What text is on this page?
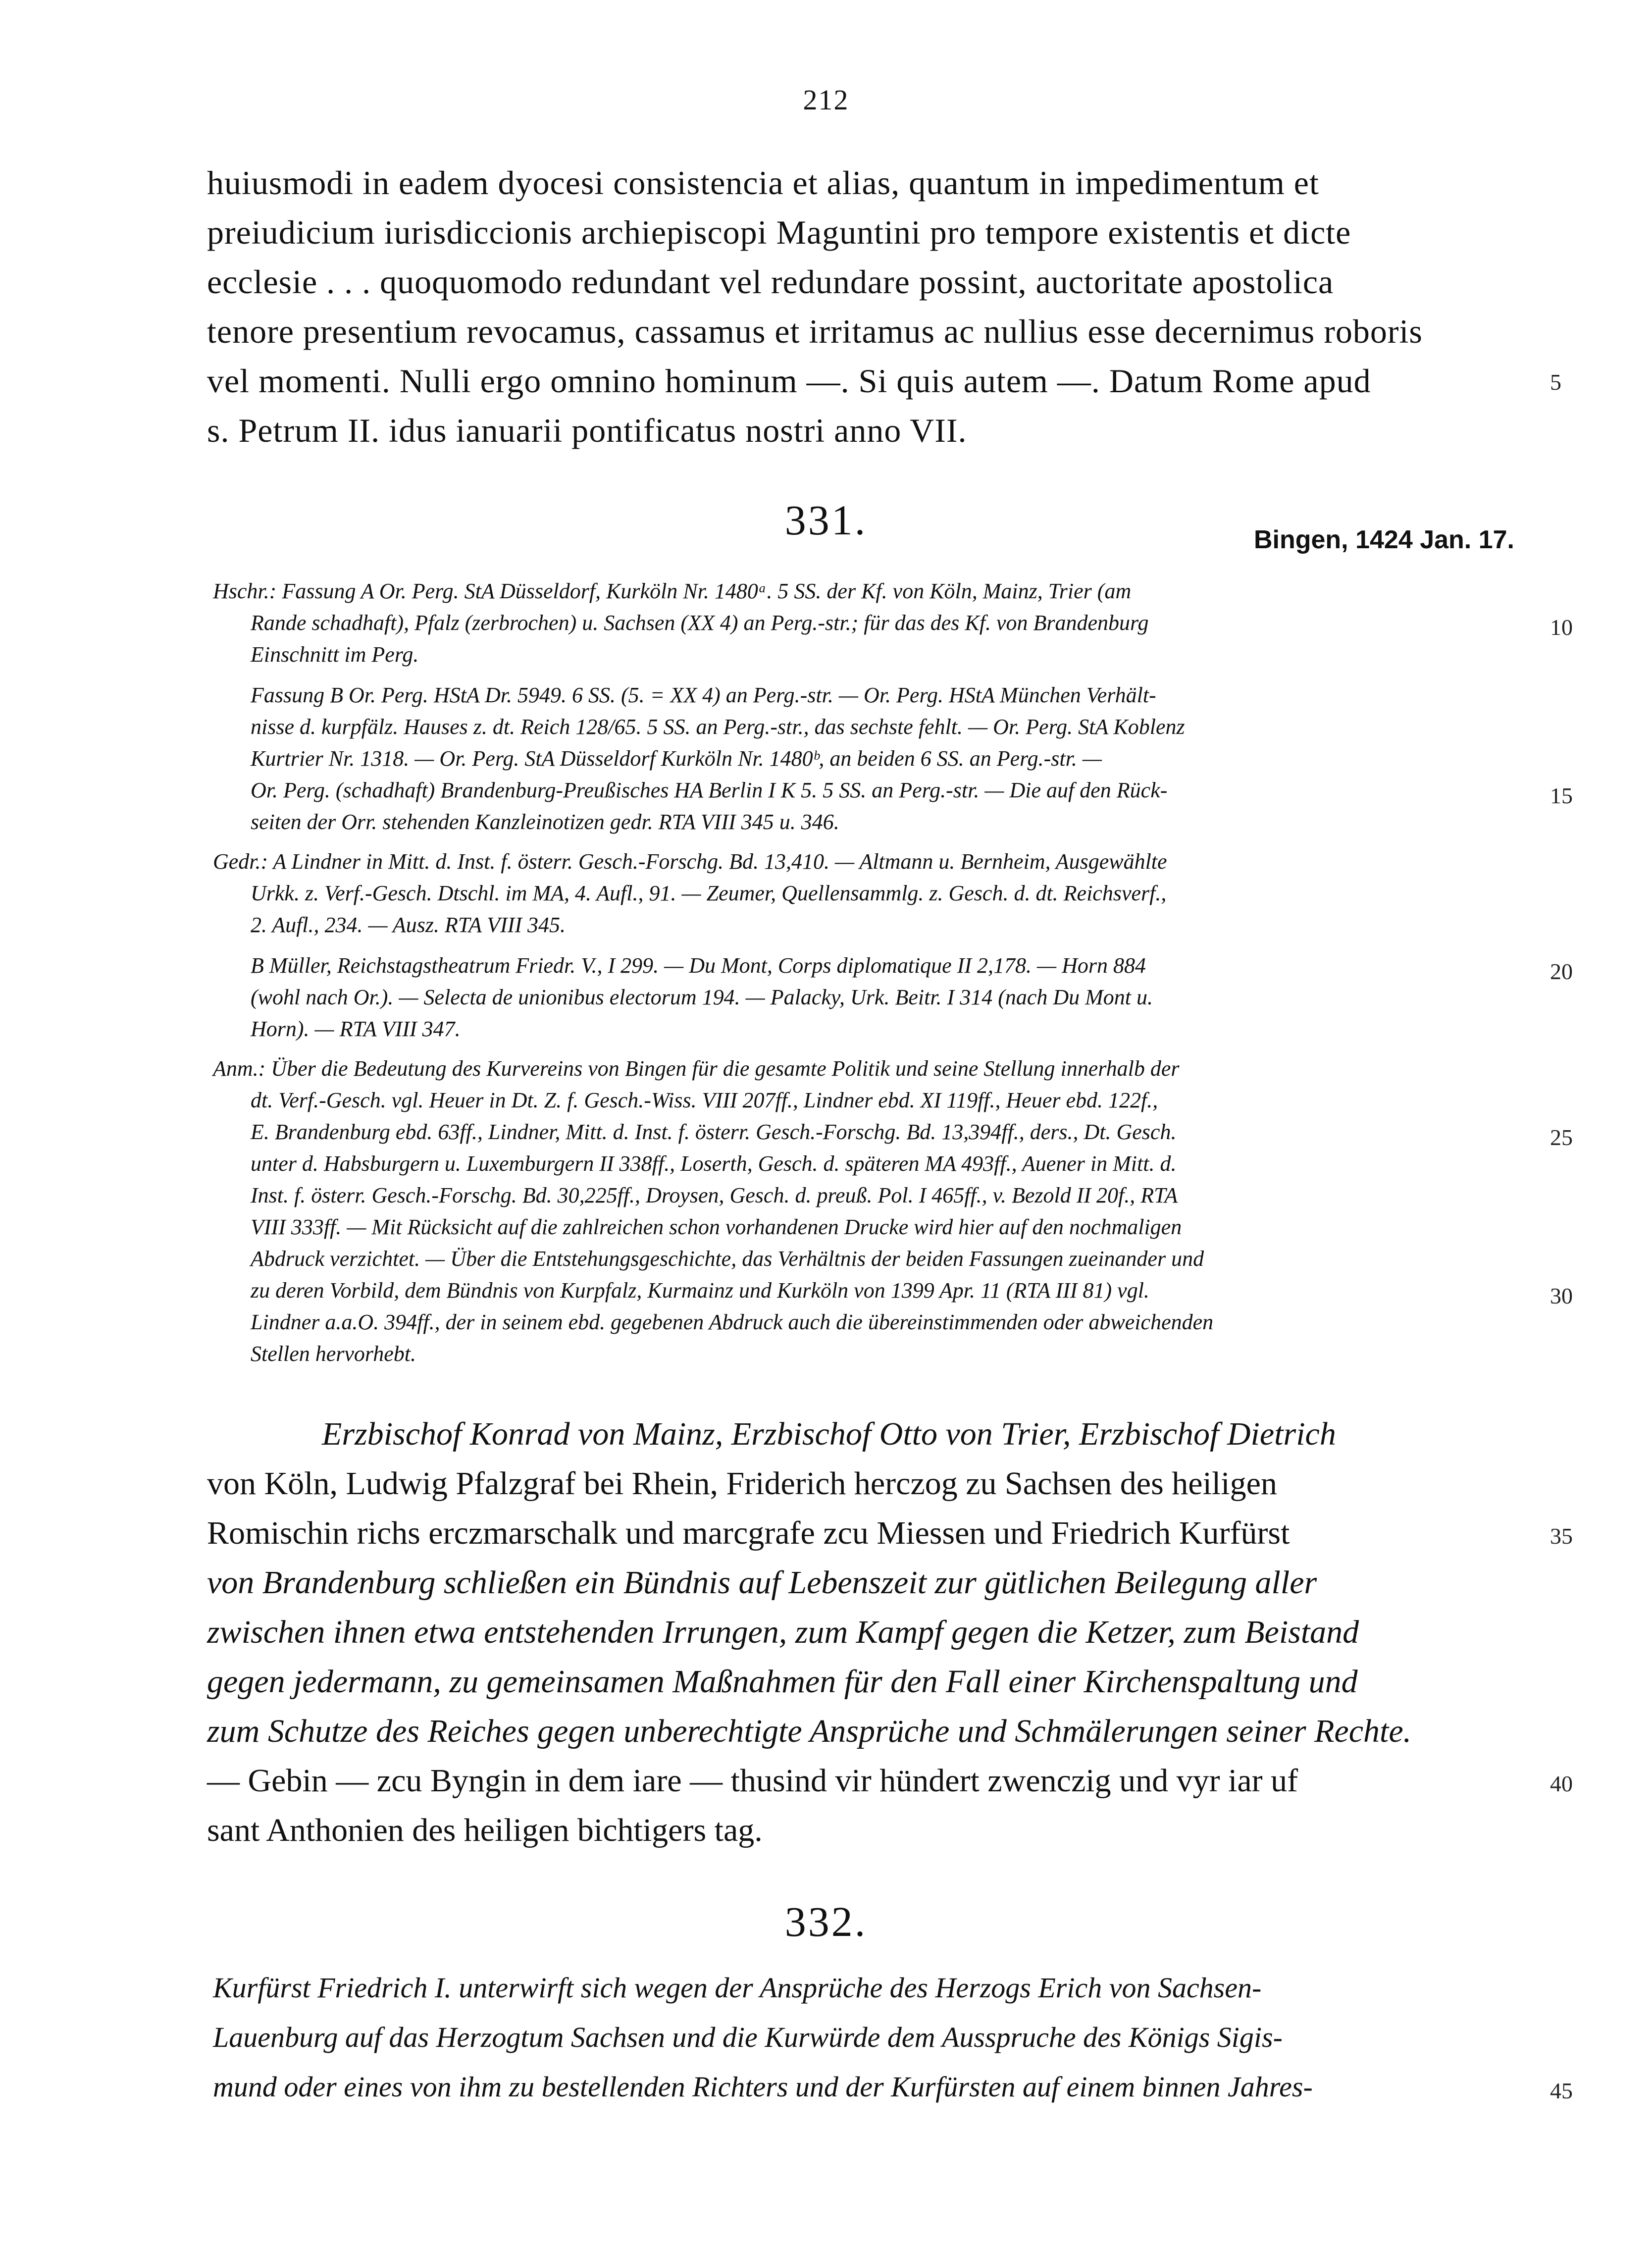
212
huiusmodi in eadem dyocesi consistencia et alias, quantum in impedimentum et
preiudicium iurisdiccionis archiepiscopi Maguntini pro tempore existentis et dicte
ecclesie . . . quoquomodo redundant vel redundare possint, auctoritate apostolica
tenore presentium revocamus, cassamus et irritamus ac nullius esse decernimus roboris
vel momenti. Nulli ergo omnino hominum —. Si quis autem —. Datum Rome apud
s. Petrum II. idus ianuarii pontificatus nostri anno VII.
331.	Bingen, 1424 Jan. 17.
Hschr.: Fassung A Or. Perg. StA Düsseldorf, Kurköln Nr. 1480ᵃ. 5 SS. der Kf. von Köln, Mainz, Trier (am
Rande schadhaft), Pfalz (zerbrochen) u. Sachsen (XX 4) an Perg.-str.; für das des Kf. von Brandenburg
Einschnitt im Perg.
Fassung B Or. Perg. HStA Dr. 5949. 6 SS. (5. = XX 4) an Perg.-str. — Or. Perg. HStA München Verhält-
nisse d. kurpfälz. Hauses z. dt. Reich 128/65. 5 SS. an Perg.-str., das sechste fehlt. — Or. Perg. StA Koblenz
Kurtrier Nr. 1318. — Or. Perg. StA Düsseldorf Kurköln Nr. 1480ᵇ, an beiden 6 SS. an Perg.-str. —
Or. Perg. (schadhaft) Brandenburg-Preußisches HA Berlin I K 5. 5 SS. an Perg.-str. — Die auf den Rück-
seiten der Orr. stehenden Kanzleinotizen gedr. RTA VIII 345 u. 346.
Gedr.: A Lindner in Mitt. d. Inst. f. österr. Gesch.-Forschg. Bd. 13,410. — Altmann u. Bernheim, Ausgewählte
Urkk. z. Verf.-Gesch. Dtschl. im MA, 4. Aufl., 91. — Zeumer, Quellensammlg. z. Gesch. d. dt. Reichsverf.,
2. Aufl., 234. — Ausz. RTA VIII 345.
B Müller, Reichstagstheatrum Friedr. V., I 299. — Du Mont, Corps diplomatique II 2,178. — Horn 884
(wohl nach Or.). — Selecta de unionibus electorum 194. — Palacky, Urk. Beitr. I 314 (nach Du Mont u.
Horn). — RTA VIII 347.
Anm.: Über die Bedeutung des Kurvereins von Bingen für die gesamte Politik und seine Stellung innerhalb der
dt. Verf.-Gesch. vgl. Heuer in Dt. Z. f. Gesch.-Wiss. VIII 207ff., Lindner ebd. XI 119ff., Heuer ebd. 122f.,
E. Brandenburg ebd. 63ff., Lindner, Mitt. d. Inst. f. österr. Gesch.-Forschg. Bd. 13,394ff., ders., Dt. Gesch.
unter d. Habsburgern u. Luxemburgern II 338ff., Loserth, Gesch. d. späteren MA 493ff., Auener in Mitt. d.
Inst. f. österr. Gesch.-Forschg. Bd. 30,225ff., Droysen, Gesch. d. preuß. Pol. I 465ff., v. Bezold II 20f., RTA
VIII 333ff. — Mit Rücksicht auf die zahlreichen schon vorhandenen Drucke wird hier auf den nochmaligen
Abdruck verzichtet. — Über die Entstehungsgeschichte, das Verhältnis der beiden Fassungen zueinander und
zu deren Vorbild, dem Bündnis von Kurpfalz, Kurmainz und Kurköln von 1399 Apr. 11 (RTA III 81) vgl.
Lindner a.a.O. 394ff., der in seinem ebd. gegebenen Abdruck auch die übereinstimmenden oder abweichenden
Stellen hervorhebt.
Erzbischof Konrad von Mainz, Erzbischof Otto von Trier, Erzbischof Dietrich
von Köln, Ludwig Pfalzgraf bei Rhein, Friderich herczog zu Sachsen des heiligen
Romischin richs erczmarschalk und marcgrafe zcu Miessen und Friedrich Kurfürst
von Brandenburg schließen ein Bündnis auf Lebenszeit zur gütlichen Beilegung aller
zwischen ihnen etwa entstehenden Irrungen, zum Kampf gegen die Ketzer, zum Beistand
gegen jedermann, zu gemeinsamen Maßnahmen für den Fall einer Kirchenspaltung und
zum Schutze des Reiches gegen unberechtigte Ansprüche und Schmälerungen seiner Rechte.
— Gebin — zcu Byngin in dem iare — thusind vir hündert zwenczig und vyr iar uf
sant Anthonien des heiligen bichtigers tag.
332.
Kurfürst Friedrich I. unterwirft sich wegen der Ansprüche des Herzogs Erich von Sachsen-
Lauenburg auf das Herzogtum Sachsen und die Kurwürde dem Ausspruche des Königs Sigis-
mund oder eines von ihm zu bestellenden Richters und der Kurfürsten auf einem binnen Jahres-
5
10
15
20
25
30
35
40
45
